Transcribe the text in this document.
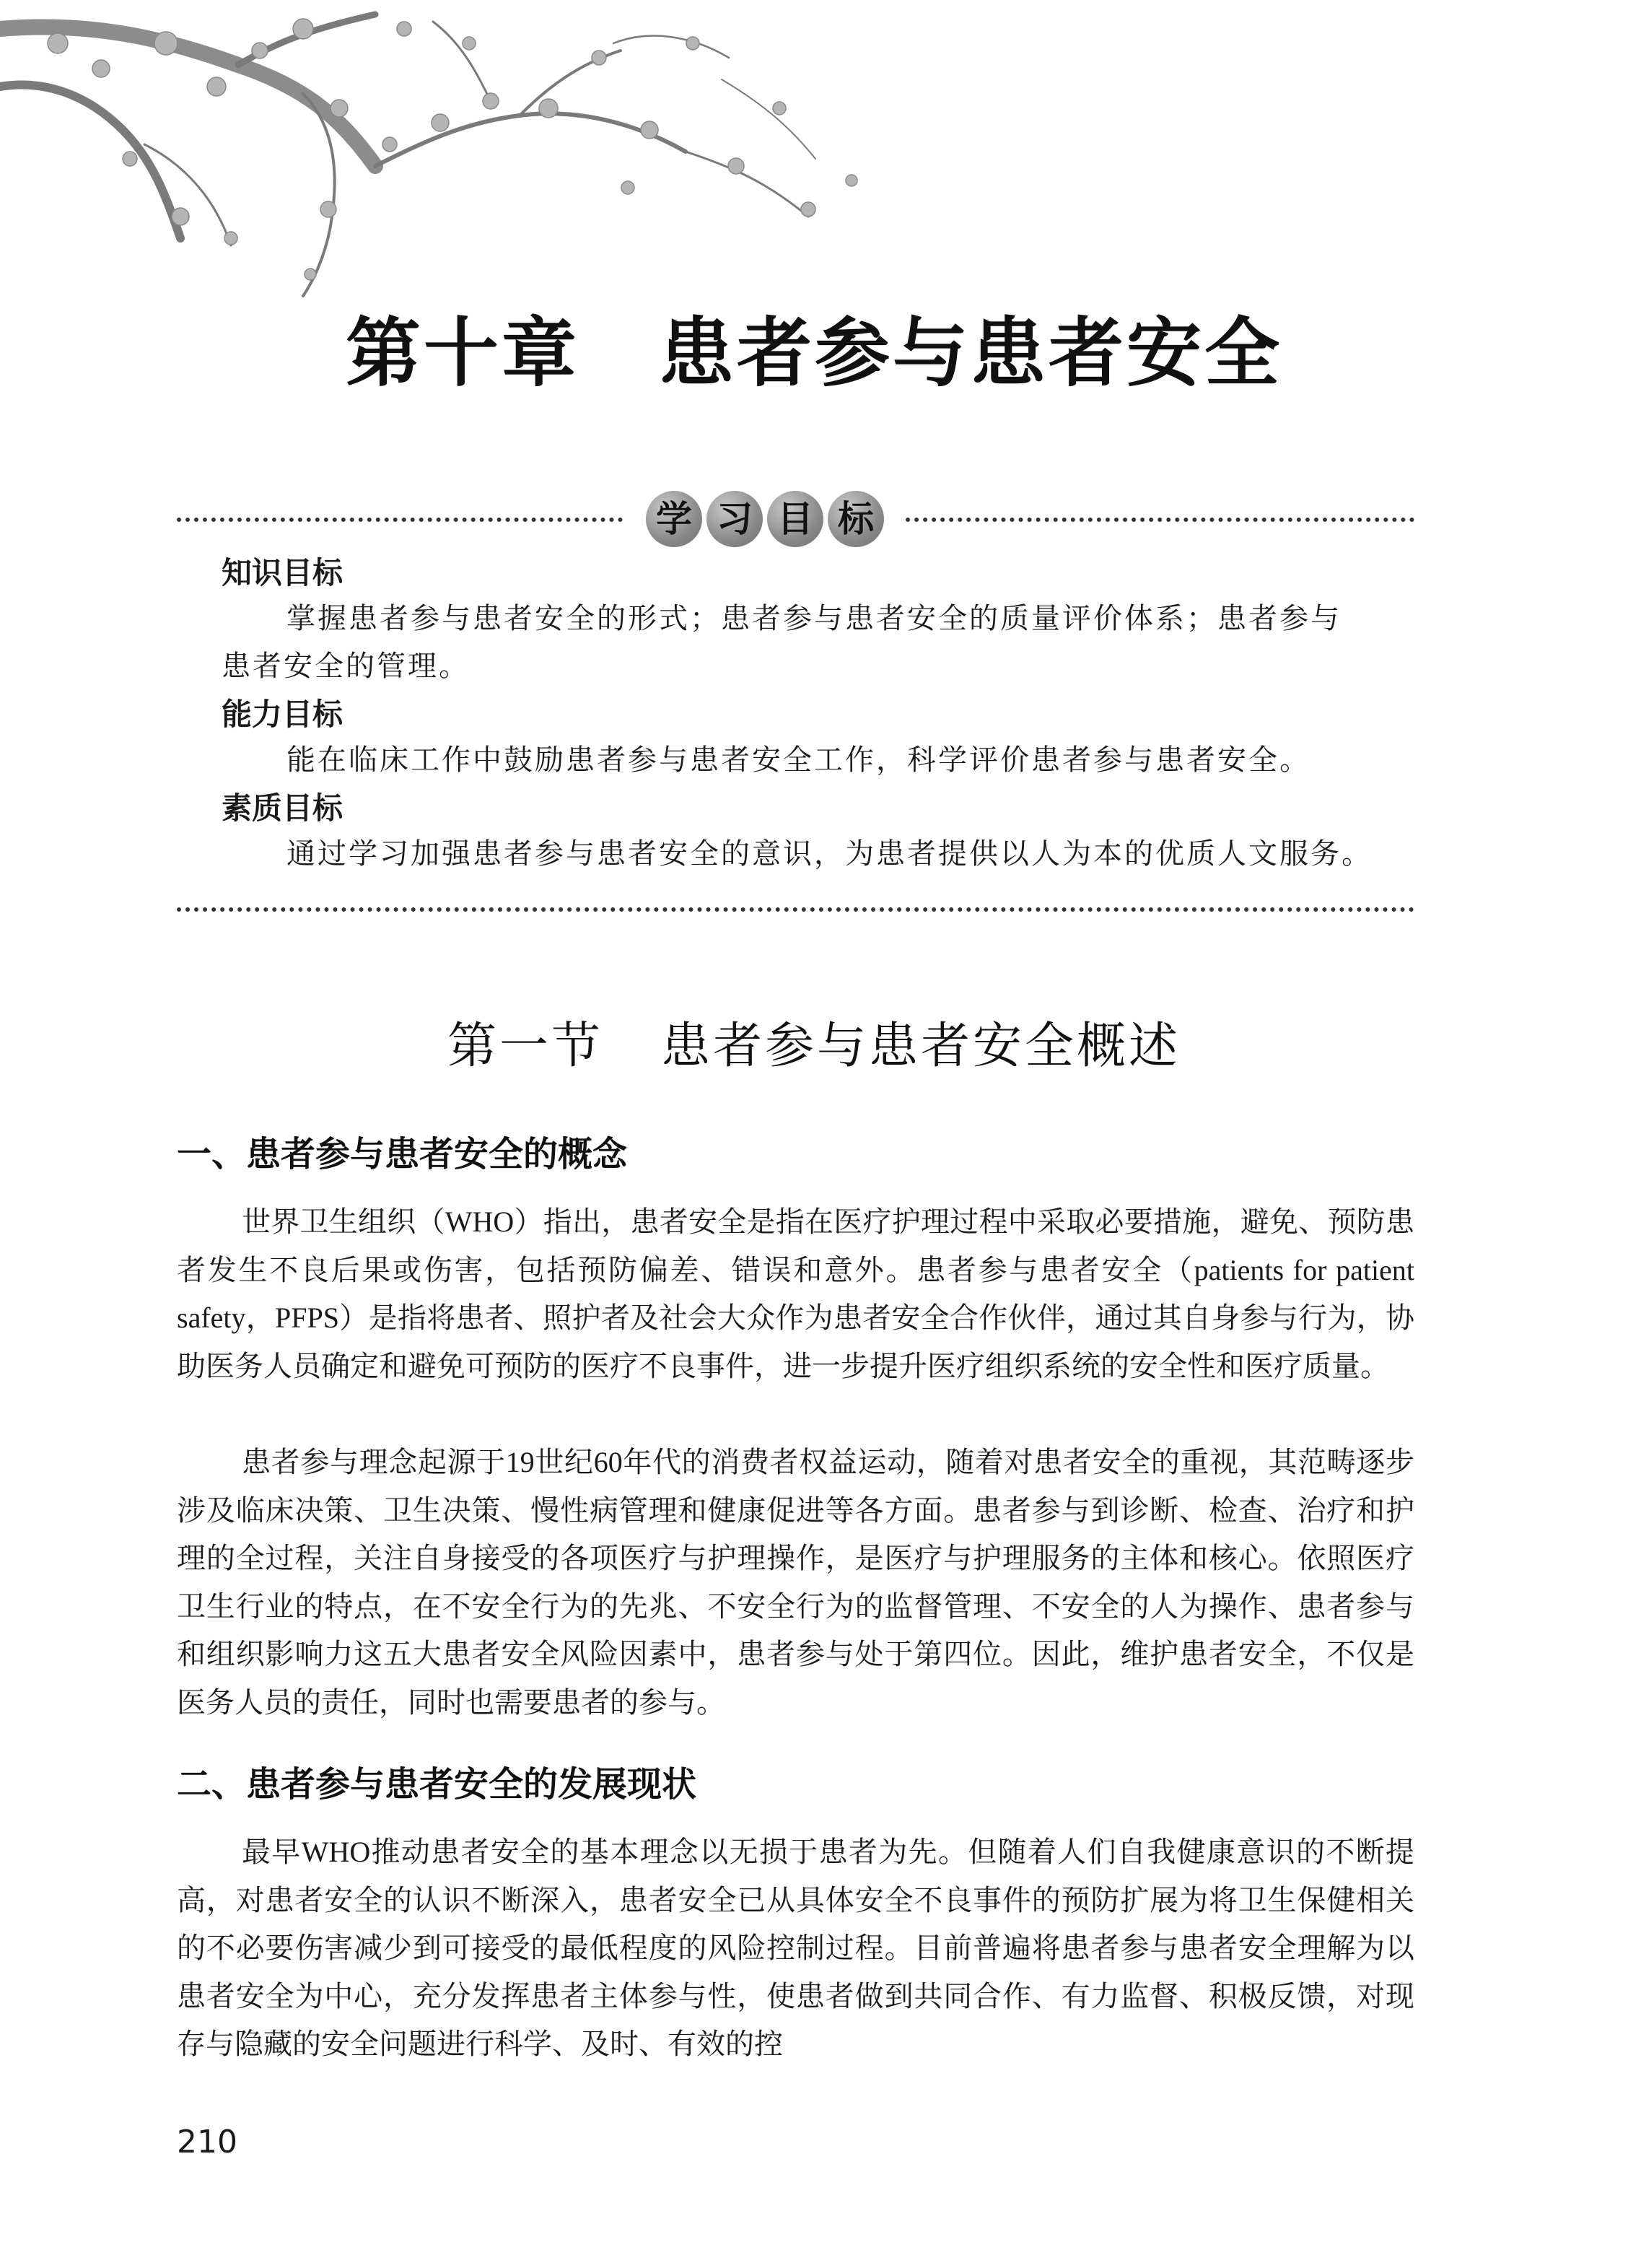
第十章 患者参与患者安全
学 习 目 标
知识目标
掌握患者参与患者安全的形式；患者参与患者安全的质量评价体系；患者参与
患者安全的管理。
能力目标
能在临床工作中鼓励患者参与患者安全工作，科学评价患者参与患者安全。
素质目标
通过学习加强患者参与患者安全的意识，为患者提供以人为本的优质人文服务。
第一节 患者参与患者安全概述
一、患者参与患者安全的概念
世界卫生组织（WHO）指出，患者安全是指在医疗护理过程中采取必要措施，避免、预防患者发生不良后果或伤害，包括预防偏差、错误和意外。患者参与患者安全（patients for patient safety，PFPS）是指将患者、照护者及社会大众作为患者安全合作伙伴，通过其自身参与行为，协助医务人员确定和避免可预防的医疗不良事件，进一步提升医疗组织系统的安全性和医疗质量。
患者参与理念起源于19世纪60年代的消费者权益运动，随着对患者安全的重视，其范畴逐步涉及临床决策、卫生决策、慢性病管理和健康促进等各方面。患者参与到诊断、检查、治疗和护理的全过程，关注自身接受的各项医疗与护理操作，是医疗与护理服务的主体和核心。依照医疗卫生行业的特点，在不安全行为的先兆、不安全行为的监督管理、不安全的人为操作、患者参与和组织影响力这五大患者安全风险因素中，患者参与处于第四位。因此，维护患者安全，不仅是医务人员的责任，同时也需要患者的参与。
二、患者参与患者安全的发展现状
最早WHO推动患者安全的基本理念以无损于患者为先。但随着人们自我健康意识的不断提高，对患者安全的认识不断深入，患者安全已从具体安全不良事件的预防扩展为将卫生保健相关的不必要伤害减少到可接受的最低程度的风险控制过程。目前普遍将患者参与患者安全理解为以患者安全为中心，充分发挥患者主体参与性，使患者做到共同合作、有力监督、积极反馈，对现存与隐藏的安全问题进行科学、及时、有效的控
210
